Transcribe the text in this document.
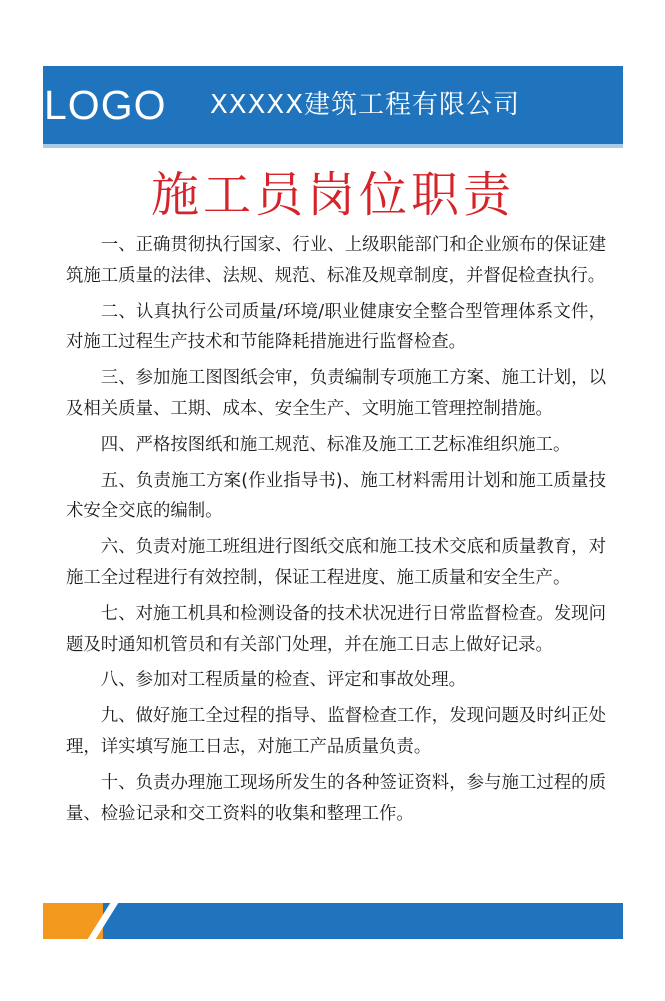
LOGO XXXXX建筑工程有限公司
施工员岗位职责
一、正确贯彻执行国家、行业、上级职能部门和企业颁布的保证建筑施工质量的法律、法规、规范、标准及规章制度，并督促检查执行。
二、认真执行公司质量/环境/职业健康安全整合型管理体系文件，对施工过程生产技术和节能降耗措施进行监督检查。
三、参加施工图图纸会审，负责编制专项施工方案、施工计划，以及相关质量、工期、成本、安全生产、文明施工管理控制措施。
四、严格按图纸和施工规范、标准及施工工艺标准组织施工。
五、负责施工方案(作业指导书)、施工材料需用计划和施工质量技术安全交底的编制。
六、负责对施工班组进行图纸交底和施工技术交底和质量教育，对施工全过程进行有效控制，保证工程进度、施工质量和安全生产。
七、对施工机具和检测设备的技术状况进行日常监督检查。发现问题及时通知机管员和有关部门处理，并在施工日志上做好记录。
八、参加对工程质量的检查、评定和事故处理。
九、做好施工全过程的指导、监督检查工作，发现问题及时纠正处理，详实填写施工日志，对施工产品质量负责。
十、负责办理施工现场所发生的各种签证资料，参与施工过程的质量、检验记录和交工资料的收集和整理工作。
